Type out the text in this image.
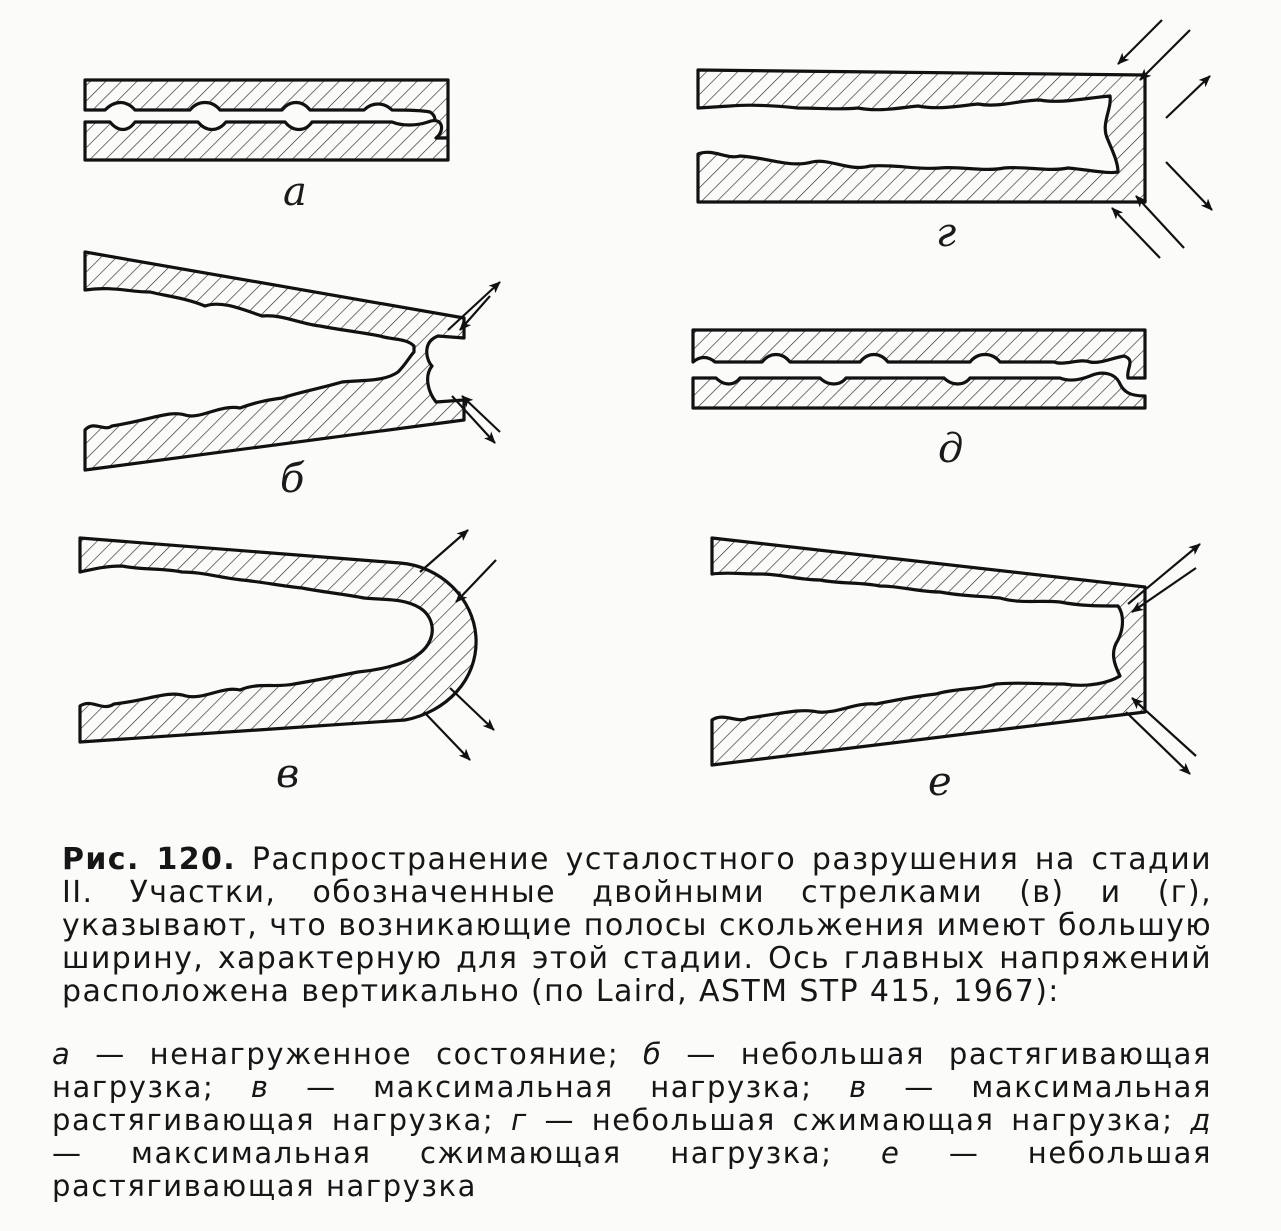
а
б
в
г
д
е
Рис. 120. Распространение усталостного разрушения на стадии II. Участки, обозначенные двойными стрелками (в) и (г), указывают, что возникающие полосы скольжения имеют большую ширину, характерную для этой стадии. Ось главных напряжений расположена вертикально (по Laird, ASTM STP 415, 1967):
а — ненагруженное состояние; б — небольшая растягивающая нагрузка; в — максимальная нагрузка; в — максимальная растягивающая нагрузка; г — небольшая сжимающая нагрузка; д — максимальная сжимающая нагрузка; е — небольшая растягивающая нагрузка
